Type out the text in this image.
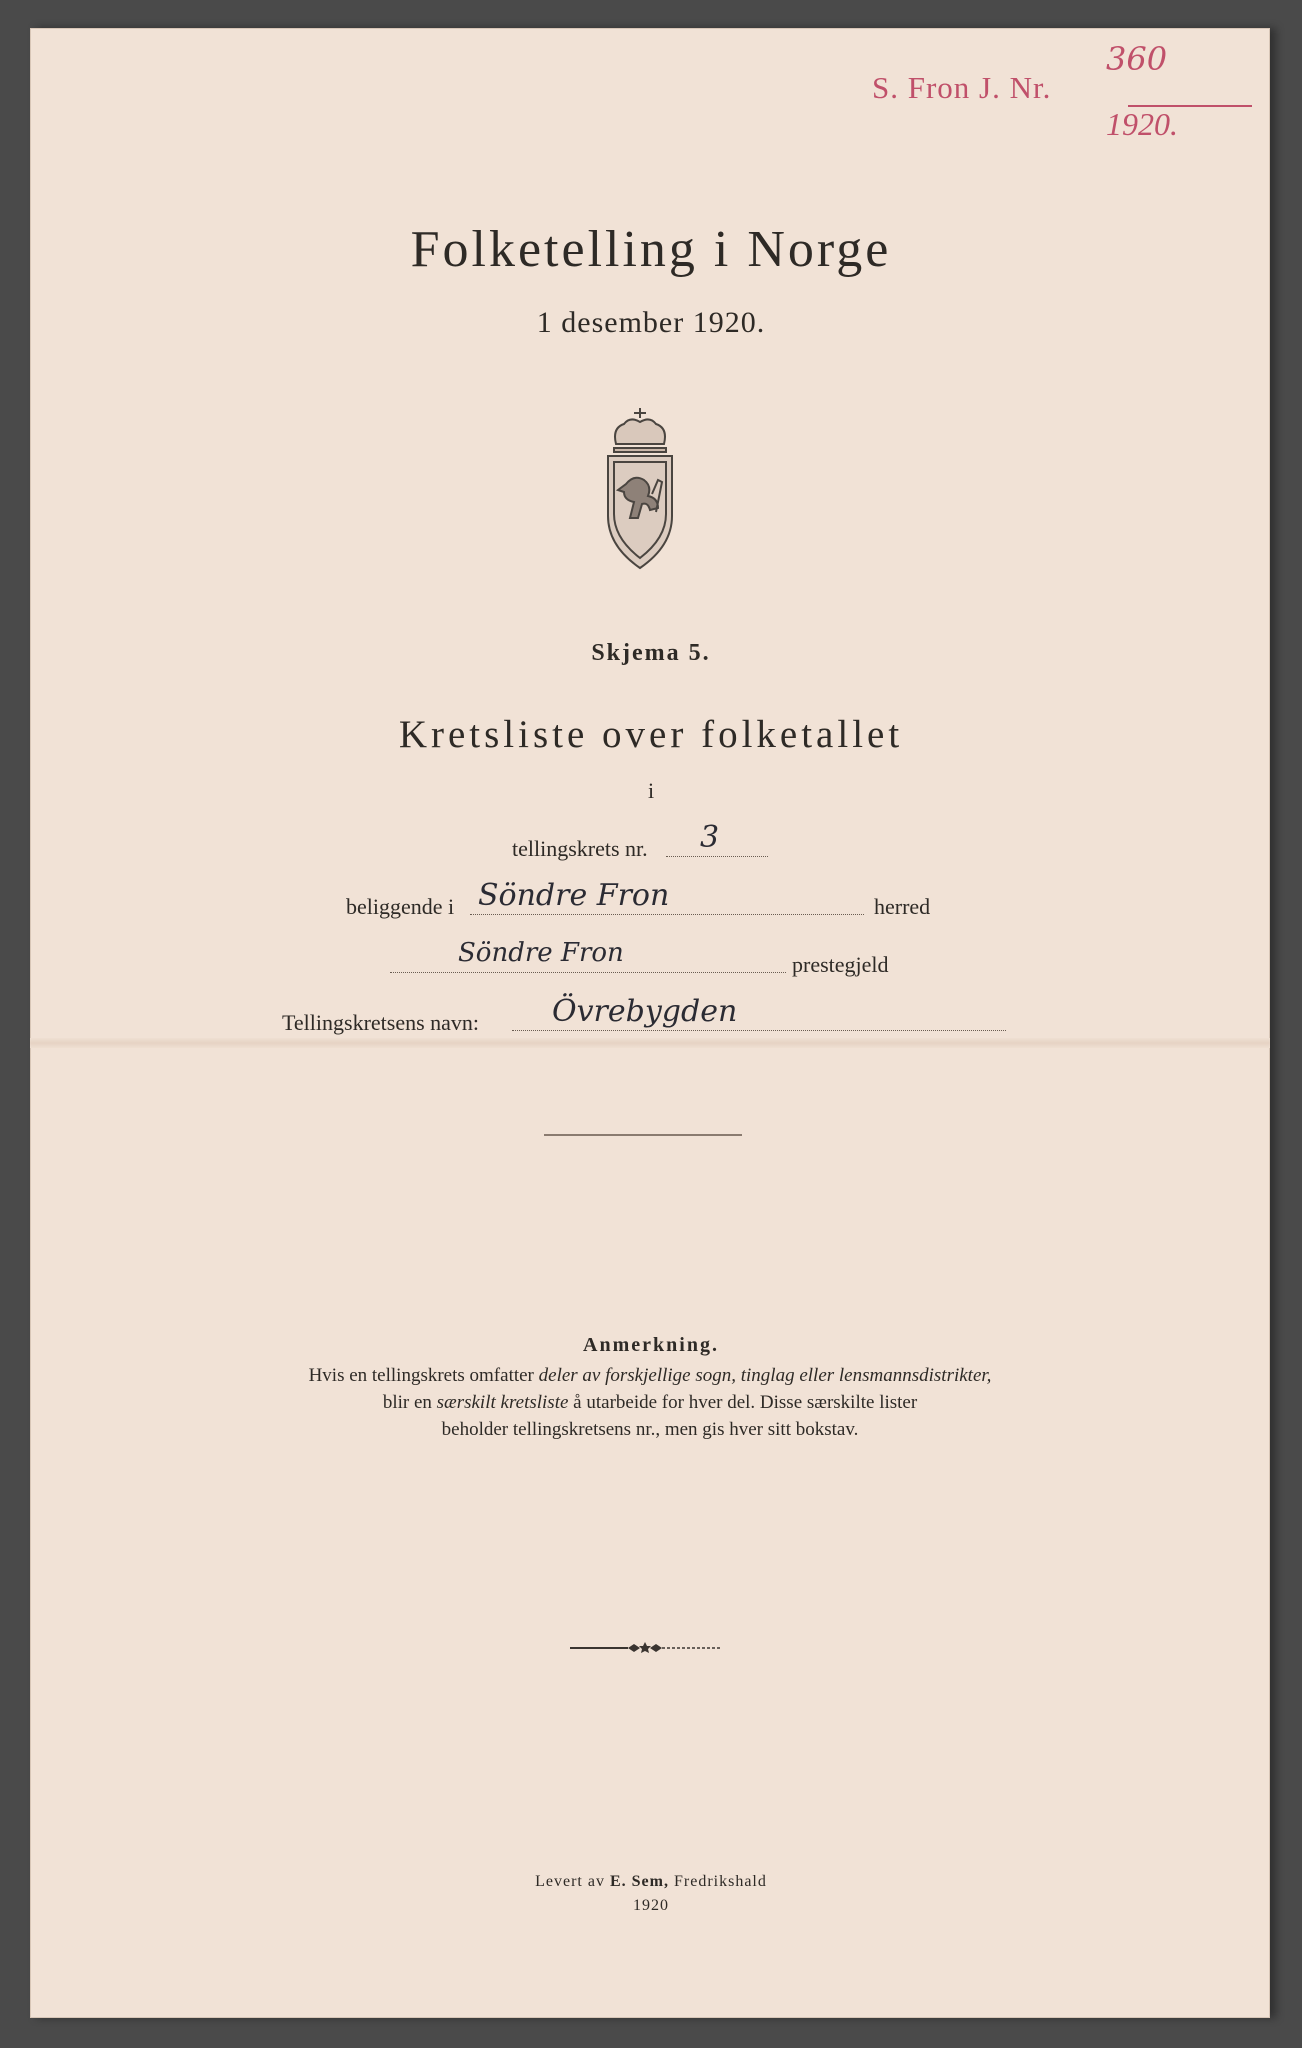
S. Fron J. Nr.
360
1920.
Folketelling i Norge
1 desember 1920.
Skjema 5.
Kretsliste over folketallet
i
tellingskrets nr. 3
beliggende i Söndre Fron	herred
Söndre Fron	prestegjeld
Tellingskretsens navn: Övrebygden
Anmerkning.
Hvis en tellingskrets omfatter deler av forskjellige sogn, tinglag eller lensmannsdistrikter,
blir en særskilt kretsliste å utarbeide for hver del. Disse særskilte lister
beholder tellingskretsens nr., men gis hver sitt bokstav.
Levert av E. Sem, Fredrikshald
1920
